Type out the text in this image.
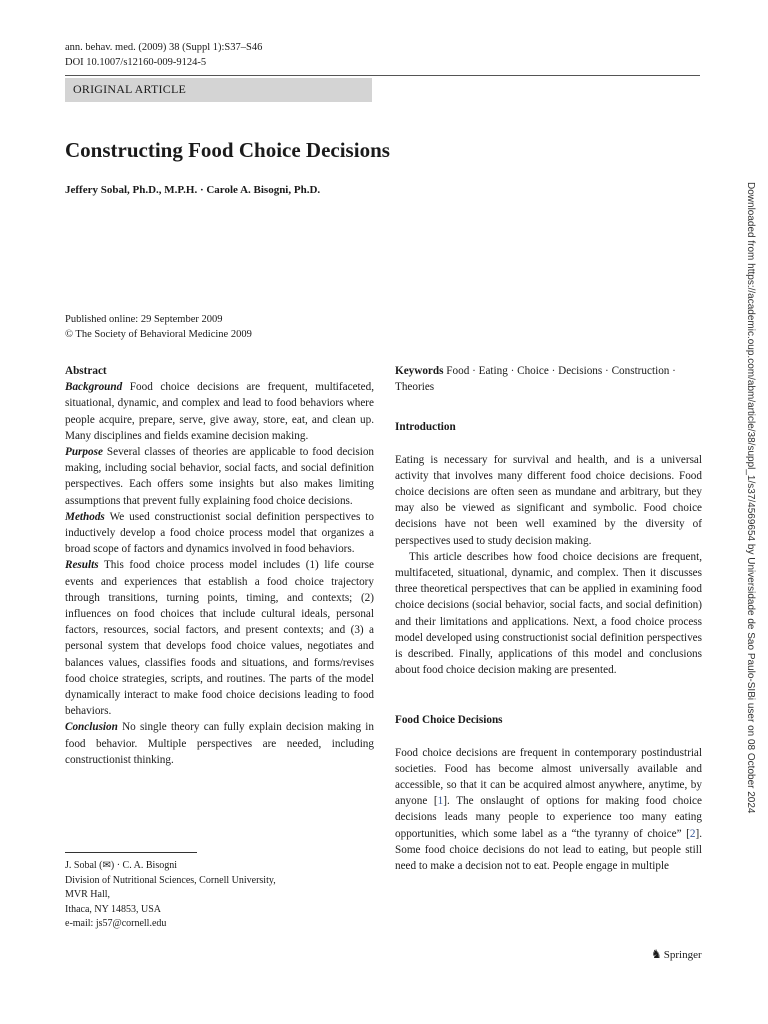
ann. behav. med. (2009) 38 (Suppl 1):S37–S46
DOI 10.1007/s12160-009-9124-5
ORIGINAL ARTICLE
Constructing Food Choice Decisions
Jeffery Sobal, Ph.D., M.P.H. · Carole A. Bisogni, Ph.D.
Published online: 29 September 2009
© The Society of Behavioral Medicine 2009

Abstract

Background Food choice decisions are frequent, multifaceted, situational, dynamic, and complex and lead to food behaviors where people acquire, prepare, serve, give away, store, eat, and clean up. Many disciplines and fields examine decision making.

Purpose Several classes of theories are applicable to food decision making, including social behavior, social facts, and social definition perspectives. Each offers some insights but also makes limiting assumptions that prevent fully explaining food choice decisions.

Methods We used constructionist social definition perspectives to inductively develop a food choice process model that organizes a broad scope of factors and dynamics involved in food behaviors.

Results This food choice process model includes (1) life course events and experiences that establish a food choice trajectory through transitions, turning points, timing, and contexts; (2) influences on food choices that include cultural ideals, personal factors, resources, social factors, and present contexts; and (3) a personal system that develops food choice values, negotiates and balances values, classifies foods and situations, and forms/revises food choice strategies, scripts, and routines. The parts of the model dynamically interact to make food choice decisions leading to food behaviors.

Conclusion No single theory can fully explain decision making in food behavior. Multiple perspectives are needed, including constructionist thinking.

J. Sobal (✉) · C. A. Bisogni
Division of Nutritional Sciences, Cornell University,
MVR Hall,
Ithaca, NY 14853, USA
e-mail: js57@cornell.edu

Keywords Food · Eating · Choice · Decisions · Construction · Theories

Introduction

Eating is necessary for survival and health, and is a universal activity that involves many different food choice decisions. Food choice decisions are often seen as mundane and arbitrary, but they may also be viewed as significant and symbolic. Food choice decisions have not been well examined by the diversity of perspectives used to study decision making.

This article describes how food choice decisions are frequent, multifaceted, situational, dynamic, and complex. Then it discusses three theoretical perspectives that can be applied in examining food choice decisions (social behavior, social facts, and social definition) and their limitations and applications. Next, a food choice process model developed using constructionist social definition perspectives is described. Finally, applications of this model and conclusions about food choice decision making are presented.

Food Choice Decisions

Food choice decisions are frequent in contemporary postindustrial societies. Food has become almost universally available and accessible, so that it can be acquired almost anywhere, anytime, by anyone [1]. The onslaught of options for making food choice decisions leads many people to experience too many eating opportunities, which some label as a “the tyranny of choice” [2]. Some food choice decisions do not lead to eating, but people still need to make a decision not to eat. People engage in multiple

♞ Springer
Downloaded from https://academic.oup.com/abm/article/38/suppl_1/s37/4569654 by Universidade de Sao Paulo-SIBi user on 08 October 2024
